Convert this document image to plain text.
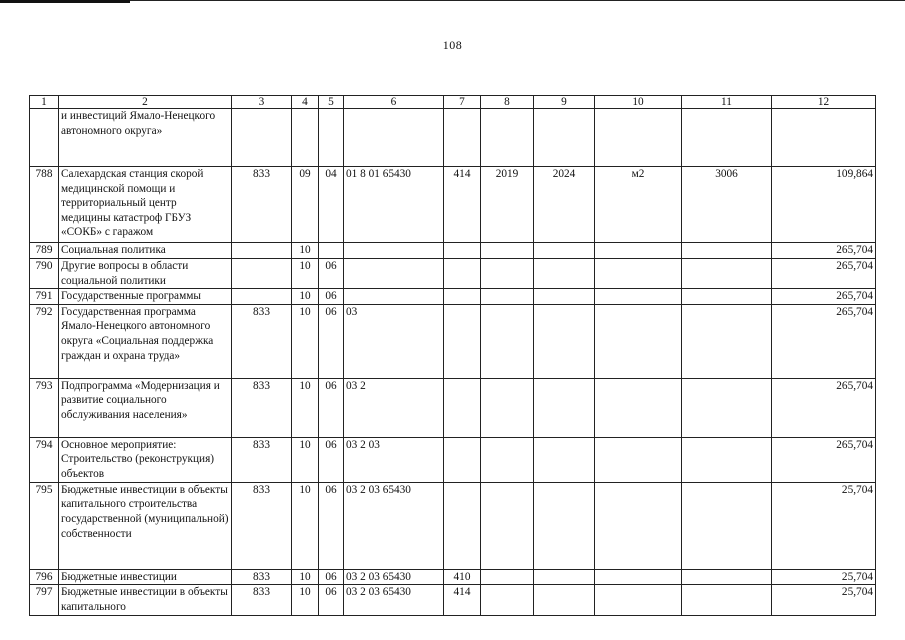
108
1	2	3	4	5	6	7	8	9	10	11	12
	и инвестиций Ямало-Ненецкого автономного округа»										
788	Салехардская станция скорой медицинской помощи и территориальный центр медицины катастроф ГБУЗ «СОКБ» с гаражом	833	09	04	01 8 01 65430	414	2019	2024	м2	3006	109,864
789	Социальная политика		10								265,704
790	Другие вопросы в области социальной политики		10	06							265,704
791	Государственные программы		10	06							265,704
792	Государственная программа Ямало-Ненецкого автономного округа «Социальная поддержка граждан и охрана труда»	833	10	06	03						265,704
793	Подпрограмма «Модернизация и развитие социального обслуживания населения»	833	10	06	03 2						265,704
794	Основное мероприятие: Строительство (реконструкция) объектов	833	10	06	03 2 03						265,704
795	Бюджетные инвестиции в объекты капитального строительства государственной (муниципальной) собственности	833	10	06	03 2 03 65430						25,704
796	Бюджетные инвестиции	833	10	06	03 2 03 65430	410					25,704
797	Бюджетные инвестиции в объекты капитального	833	10	06	03 2 03 65430	414					25,704
